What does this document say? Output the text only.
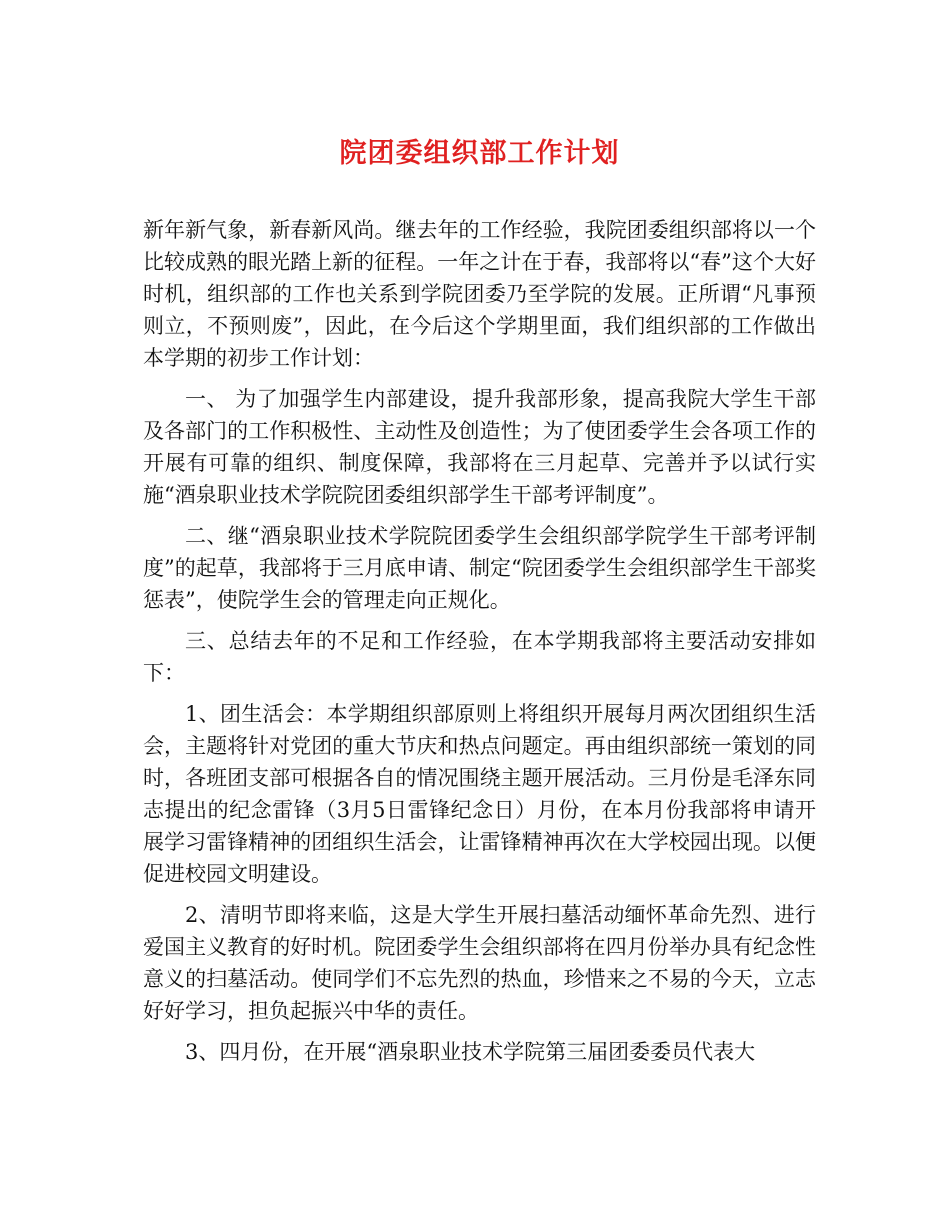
院团委组织部工作计划

新年新气象，新春新风尚。继去年的工作经验，我院团委组织部将以一个比较成熟的眼光踏上新的征程。一年之计在于春，我部将以“春”这个大好时机，组织部的工作也关系到学院团委乃至学院的发展。正所谓“凡事预则立，不预则废”，因此，在今后这个学期里面，我们组织部的工作做出本学期的初步工作计划：

一、 为了加强学生内部建设，提升我部形象，提高我院大学生干部及各部门的工作积极性、主动性及创造性；为了使团委学生会各项工作的开展有可靠的组织、制度保障，我部将在三月起草、完善并予以试行实施“酒泉职业技术学院院团委组织部学生干部考评制度”。

二、继“酒泉职业技术学院院团委学生会组织部学院学生干部考评制度”的起草，我部将于三月底申请、制定“院团委学生会组织部学生干部奖惩表”，使院学生会的管理走向正规化。

三、总结去年的不足和工作经验，在本学期我部将主要活动安排如下：

1、团生活会：本学期组织部原则上将组织开展每月两次团组织生活会，主题将针对党团的重大节庆和热点问题定。再由组织部统一策划的同时，各班团支部可根据各自的情况围绕主题开展活动。三月份是毛泽东同志提出的纪念雷锋（3月5日雷锋纪念日）月份，在本月份我部将申请开展学习雷锋精神的团组织生活会，让雷锋精神再次在大学校园出现。以便促进校园文明建设。

2、清明节即将来临，这是大学生开展扫墓活动缅怀革命先烈、进行爱国主义教育的好时机。院团委学生会组织部将在四月份举办具有纪念性意义的扫墓活动。使同学们不忘先烈的热血，珍惜来之不易的今天，立志好好学习，担负起振兴中华的责任。

3、四月份，在开展“酒泉职业技术学院第三届团委委员代表大
